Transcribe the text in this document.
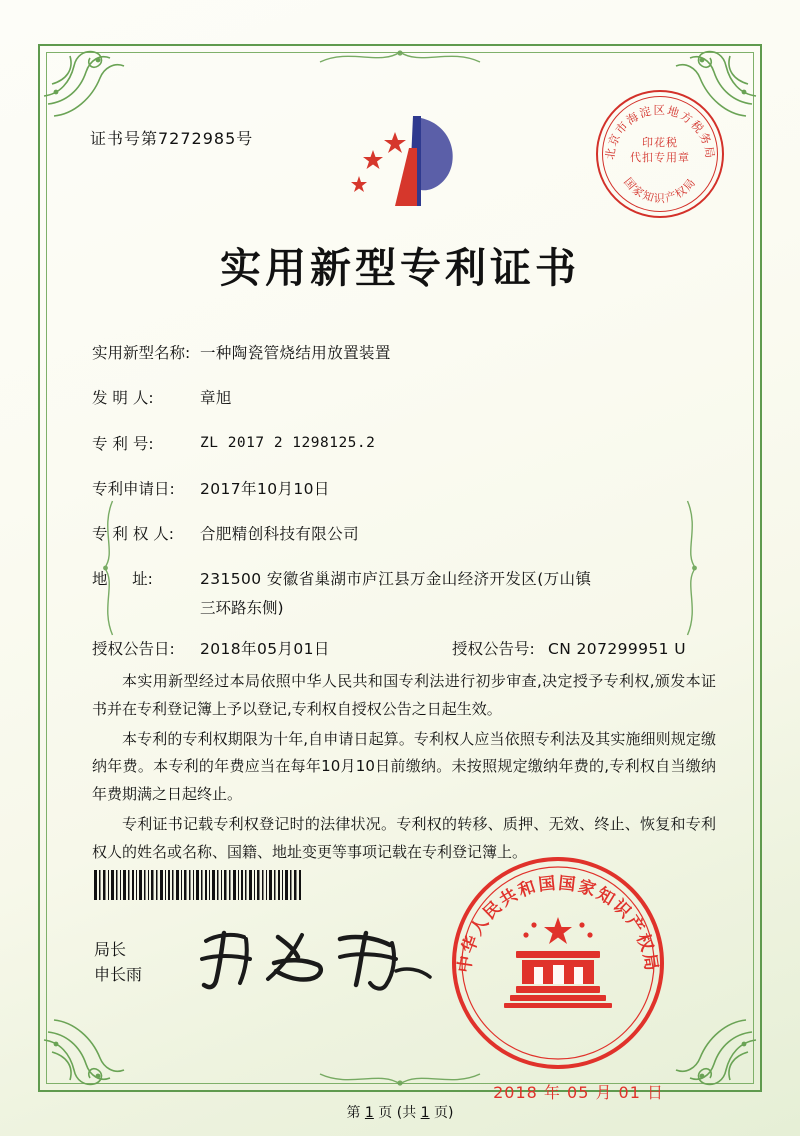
证书号第7272985号
北京市海淀区地方税务局
国家知识产权局
印花税
代扣专用章
实用新型专利证书
实用新型名称: 一种陶瓷管烧结用放置装置
发 明 人:	章旭
专 利 号:	ZL 2017 2 1298125.2
专利申请日:	2017年10月10日
专 利 权 人:	合肥精创科技有限公司
地     址:	231500 安徽省巢湖市庐江县万金山经济开发区(万山镇
三环路东侧)
授权公告日:	2018年05月01日	授权公告号: CN 207299951 U

本实用新型经过本局依照中华人民共和国专利法进行初步审查,决定授予专利权,颁发本证书并在专利登记簿上予以登记,专利权自授权公告之日起生效。

本专利的专利权期限为十年,自申请日起算。专利权人应当依照专利法及其实施细则规定缴纳年费。本专利的年费应当在每年10月10日前缴纳。未按照规定缴纳年费的,专利权自当缴纳年费期满之日起终止。

专利证书记载专利权登记时的法律状况。专利权的转移、质押、无效、终止、恢复和专利权人的姓名或名称、国籍、地址变更等事项记载在专利登记簿上。

局长
申长雨
中华人民共和国国家知识产权局
2018 年 05 月 01 日
第 1 页 (共 1 页)
